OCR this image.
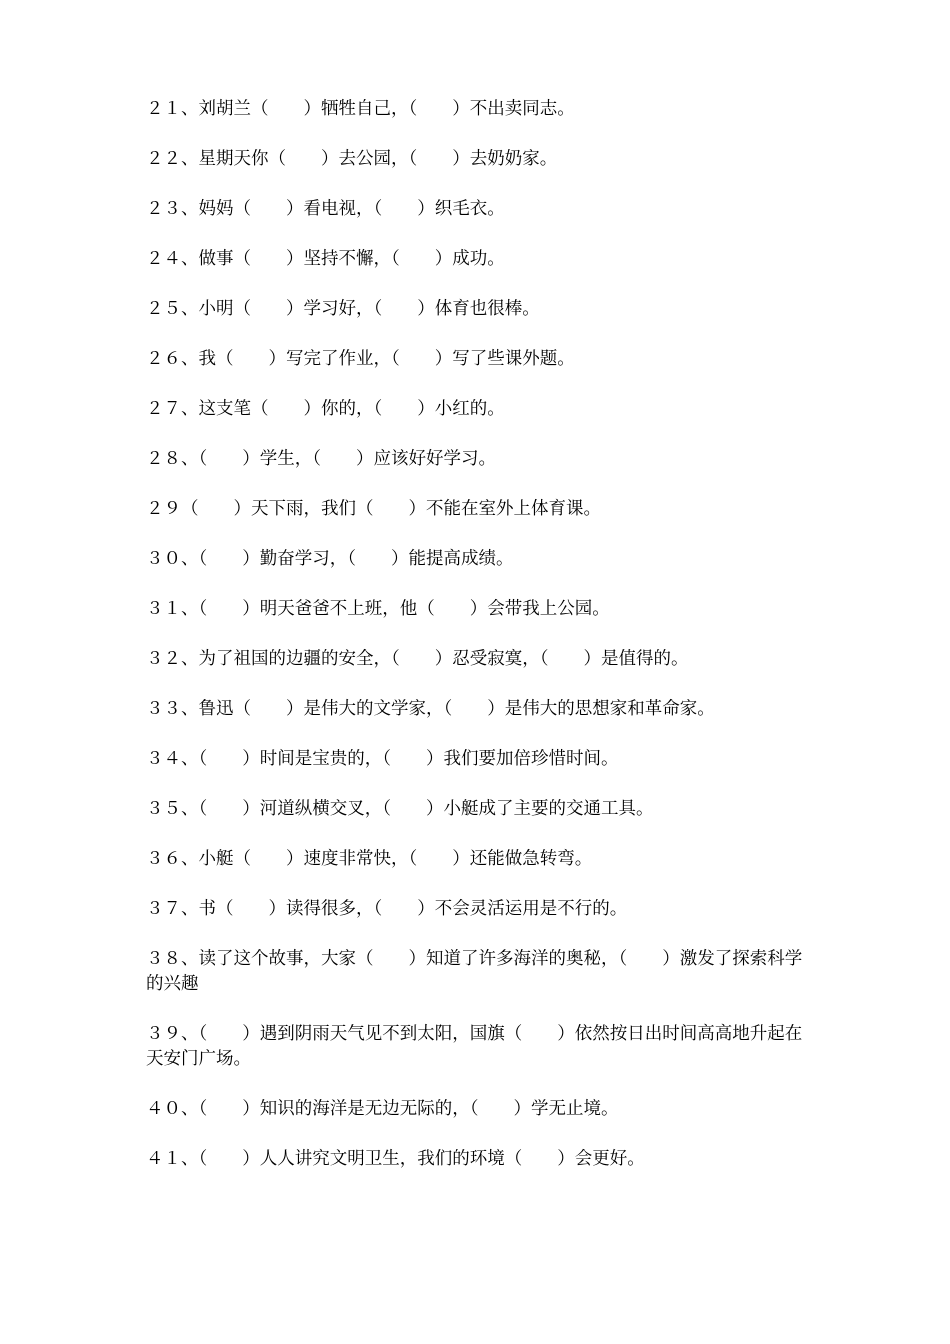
２１、刘胡兰（　　）牺牲自己，（　　）不出卖同志。

２２、星期天你（　　）去公园，（　　）去奶奶家。

２３、妈妈（　　）看电视，（　　）织毛衣。

２４、做事（　　）坚持不懈，（　　）成功。

２５、小明（　　）学习好，（　　）体育也很棒。

２６、我（　　）写完了作业，（　　）写了些课外题。

２７、这支笔（　　）你的，（　　）小红的。

２８、（　　）学生，（　　）应该好好学习。

２９（　　）天下雨，我们（　　）不能在室外上体育课。

３０、（　　）勤奋学习，（　　）能提高成绩。

３１、（　　）明天爸爸不上班，他（　　）会带我上公园。

３２、为了祖国的边疆的安全，（　　）忍受寂寞，（　　）是值得的。

３３、鲁迅（　　）是伟大的文学家，（　　）是伟大的思想家和革命家。

３４、（　　）时间是宝贵的，（　　）我们要加倍珍惜时间。

３５、（　　）河道纵横交叉，（　　）小艇成了主要的交通工具。

３６、小艇（　　）速度非常快，（　　）还能做急转弯。

３７、书（　　）读得很多，（　　）不会灵活运用是不行的。

３８、读了这个故事，大家（　　）知道了许多海洋的奥秘，（　　）激发了探索科学的兴趣

３９、（　　）遇到阴雨天气见不到太阳，国旗（　　）依然按日出时间高高地升起在天安门广场。

４０、（　　）知识的海洋是无边无际的，（　　）学无止境。

４１、（　　）人人讲究文明卫生，我们的环境（　　）会更好。
